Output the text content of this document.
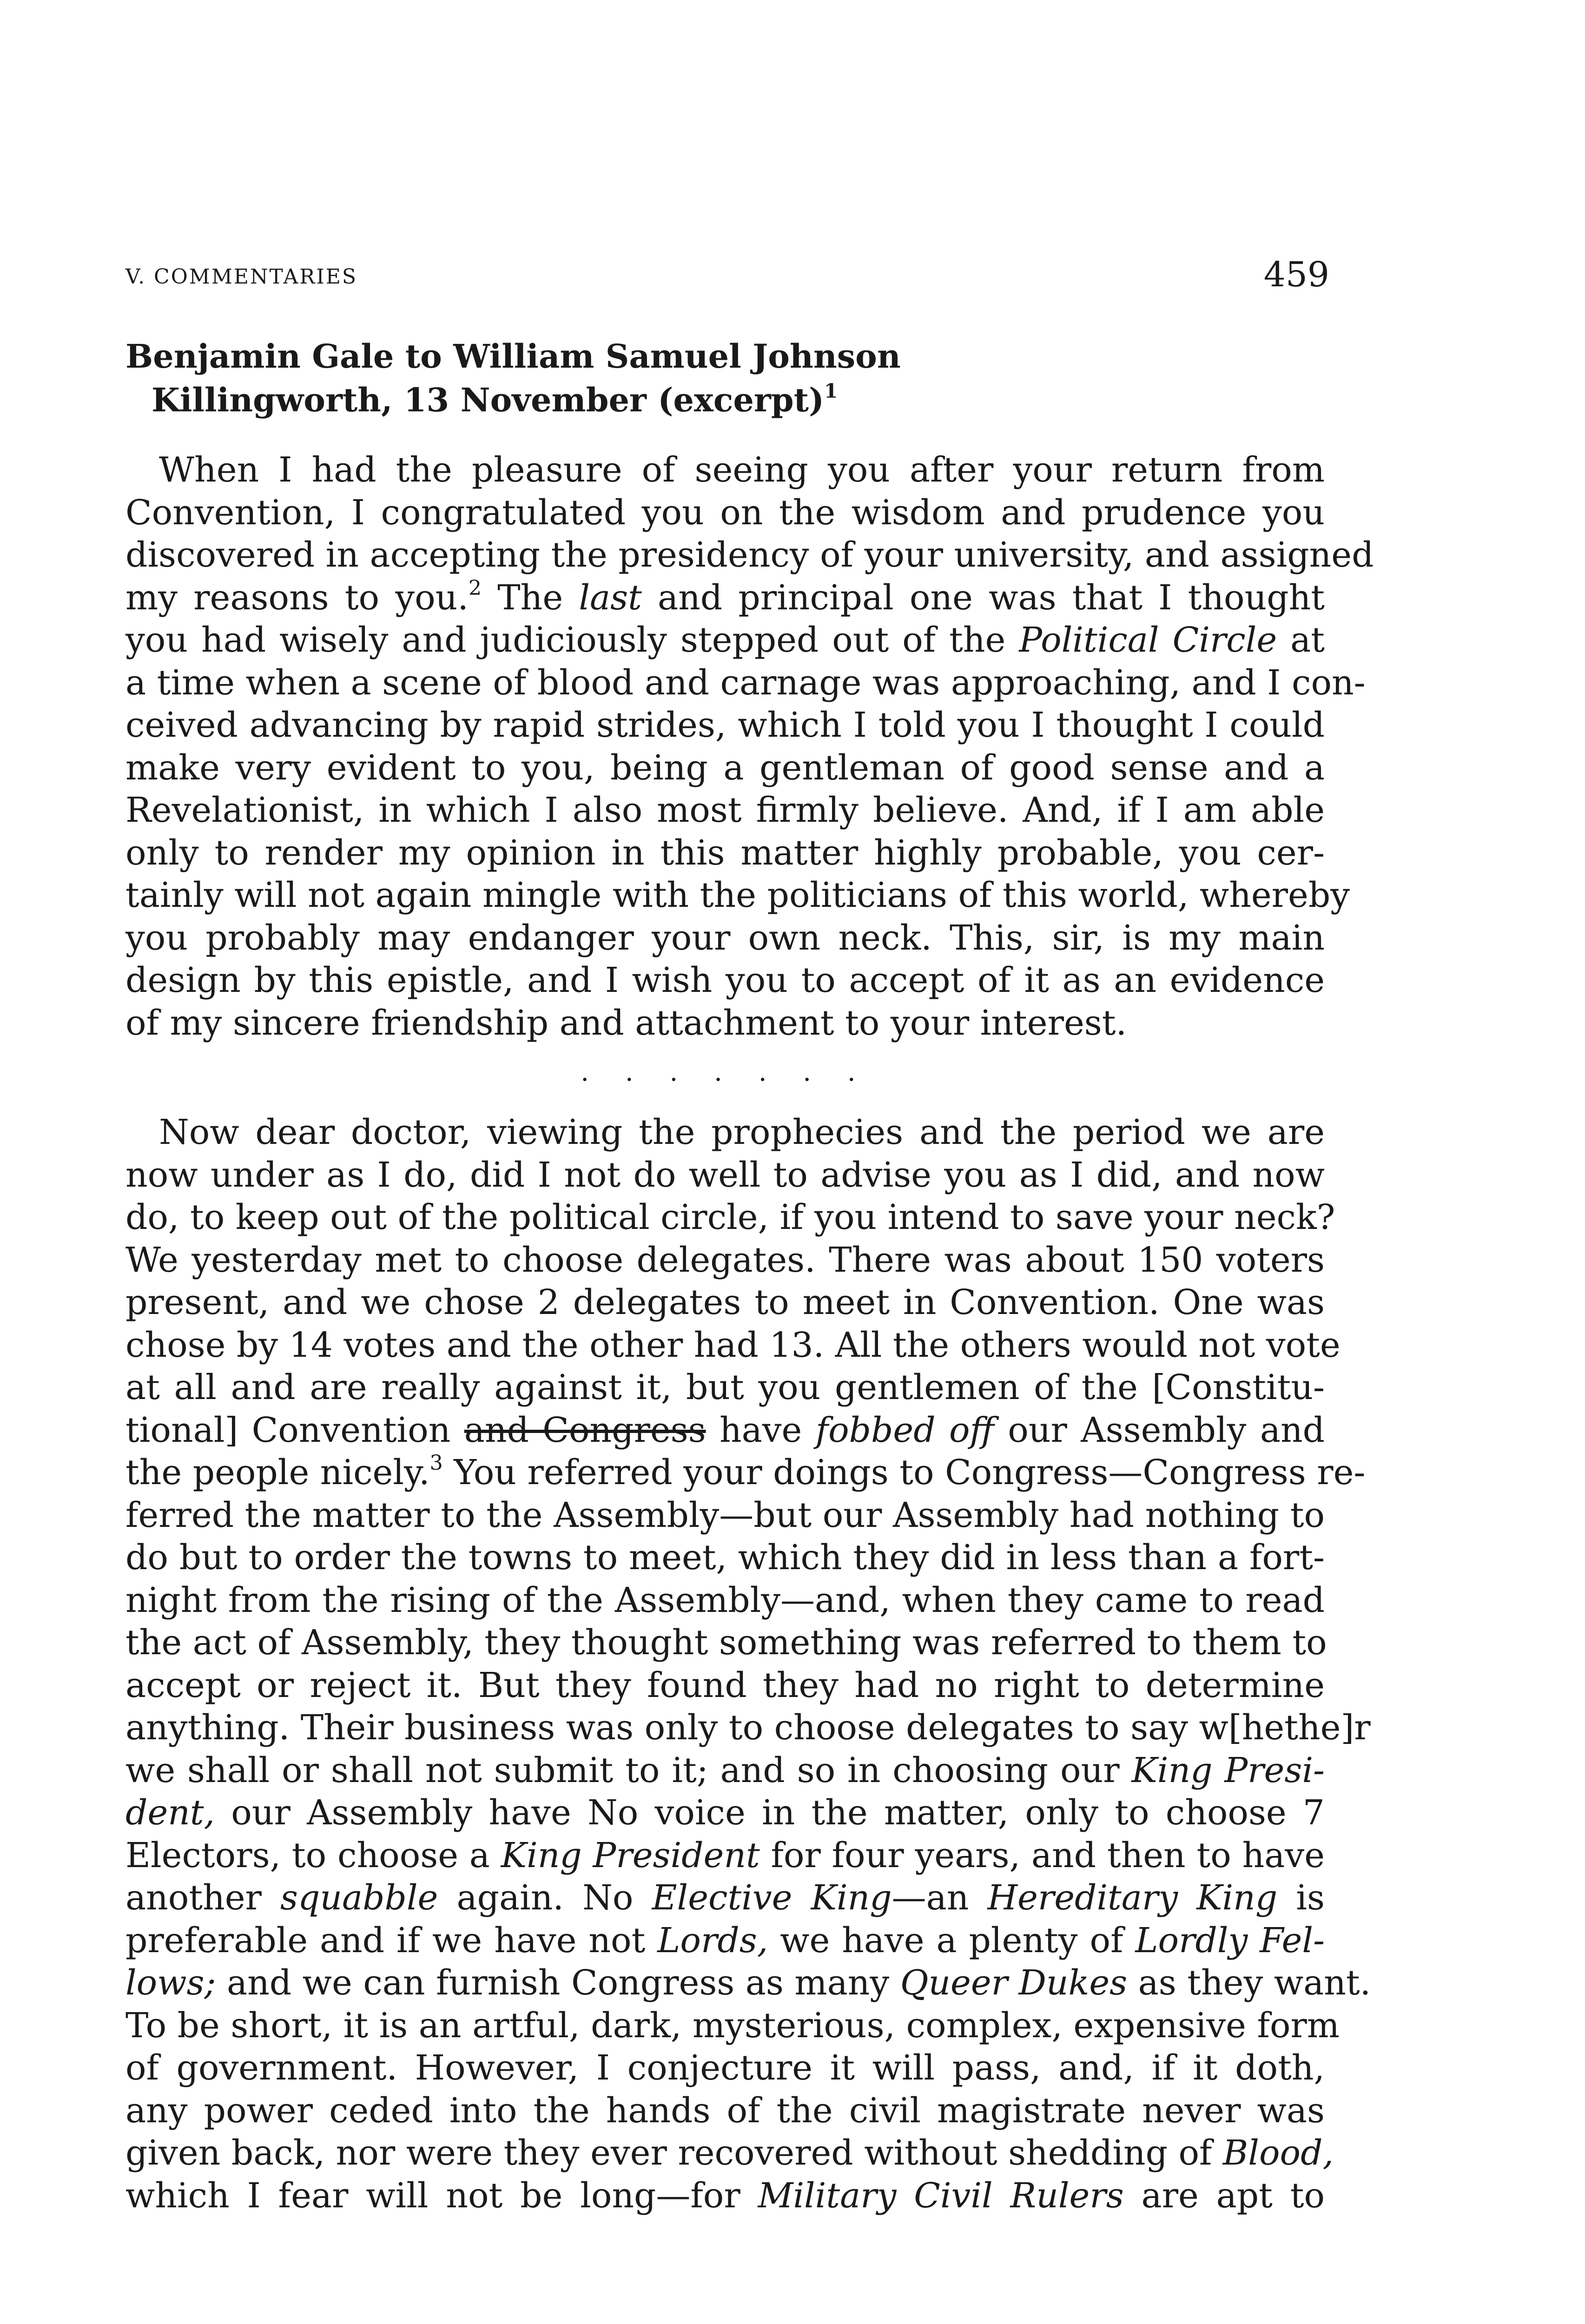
V. COMMENTARIES	459
Benjamin Gale to William Samuel Johnson
Killingworth, 13 November (excerpt)$^1$
When I had the pleasure of seeing you after your return from
Convention, I congratulated you on the wisdom and prudence you
discovered in accepting the presidency of your university, and assigned
my reasons to you.$^2$ The last and principal one was that I thought
you had wisely and judiciously stepped out of the Political Circle at
a time when a scene of blood and carnage was approaching, and I con-
ceived advancing by rapid strides, which I told you I thought I could
make very evident to you, being a gentleman of good sense and a
Revelationist, in which I also most firmly believe. And, if I am able
only to render my opinion in this matter highly probable, you cer-
tainly will not again mingle with the politicians of this world, whereby
you probably may endanger your own neck. This, sir, is my main
design by this epistle, and I wish you to accept of it as an evidence
of my sincere friendship and attachment to your interest.
. . . . . . .
Now dear doctor, viewing the prophecies and the period we are
now under as I do, did I not do well to advise you as I did, and now
do, to keep out of the political circle, if you intend to save your neck?
We yesterday met to choose delegates. There was about 150 voters
present, and we chose 2 delegates to meet in Convention. One was
chose by 14 votes and the other had 13. All the others would not vote
at all and are really against it, but you gentlemen of the [Constitu-
tional] Convention and Congress have fobbed off our Assembly and
the people nicely.$^3$ You referred your doings to Congress—Congress re-
ferred the matter to the Assembly—but our Assembly had nothing to
do but to order the towns to meet, which they did in less than a fort-
night from the rising of the Assembly—and, when they came to read
the act of Assembly, they thought something was referred to them to
accept or reject it. But they found they had no right to determine
anything. Their business was only to choose delegates to say w[hethe]r
we shall or shall not submit to it; and so in choosing our King Presi-
dent, our Assembly have No voice in the matter, only to choose 7
Electors, to choose a King President for four years, and then to have
another squabble again. No Elective King—an Hereditary King is
preferable and if we have not Lords, we have a plenty of Lordly Fel-
lows; and we can furnish Congress as many Queer Dukes as they want.
To be short, it is an artful, dark, mysterious, complex, expensive form
of government. However, I conjecture it will pass, and, if it doth,
any power ceded into the hands of the civil magistrate never was
given back, nor were they ever recovered without shedding of Blood,
which I fear will not be long—for Military Civil Rulers are apt to
